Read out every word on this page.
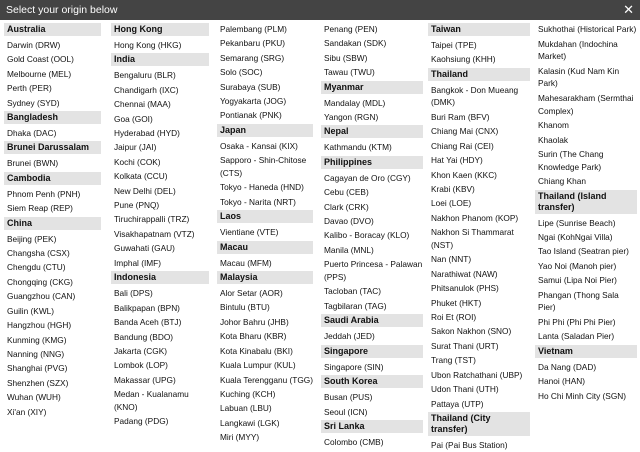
Select your origin below	✕
Australia
Darwin (DRW)
Gold Coast (OOL)
Melbourne (MEL)
Perth (PER)
Sydney (SYD)
Bangladesh
Dhaka (DAC)
Brunei Darussalam
Brunei (BWN)
Cambodia
Phnom Penh (PNH)
Siem Reap (REP)
China
Beijing (PEK)
Changsha (CSX)
Chengdu (CTU)
Chongqing (CKG)
Guangzhou (CAN)
Guilin (KWL)
Hangzhou (HGH)
Kunming (KMG)
Nanning (NNG)
Shanghai (PVG)
Shenzhen (SZX)
Wuhan (WUH)
Xi'an (XIY)
Hong Kong
Hong Kong (HKG)
India
Bengaluru (BLR)
Chandigarh (IXC)
Chennai (MAA)
Goa (GOI)
Hyderabad (HYD)
Jaipur (JAI)
Kochi (COK)
Kolkata (CCU)
New Delhi (DEL)
Pune (PNQ)
Tiruchirappalli (TRZ)
Visakhapatnam (VTZ)
Guwahati (GAU)
Imphal (IMF)
Indonesia
Bali (DPS)
Balikpapan (BPN)
Banda Aceh (BTJ)
Bandung (BDO)
Jakarta (CGK)
Lombok (LOP)
Makassar (UPG)
Medan - Kualanamu (KNO)
Padang (PDG)
Palembang (PLM)
Pekanbaru (PKU)
Semarang (SRG)
Solo (SOC)
Surabaya (SUB)
Yogyakarta (JOG)
Pontianak (PNK)
Japan
Osaka - Kansai (KIX)
Sapporo - Shin-Chitose (CTS)
Tokyo - Haneda (HND)
Tokyo - Narita (NRT)
Laos
Vientiane (VTE)
Macau
Macau (MFM)
Malaysia
Alor Setar (AOR)
Bintulu (BTU)
Johor Bahru (JHB)
Kota Bharu (KBR)
Kota Kinabalu (BKI)
Kuala Lumpur (KUL)
Kuala Terengganu (TGG)
Kuching (KCH)
Labuan (LBU)
Langkawi (LGK)
Miri (MYY)
Penang (PEN)
Sandakan (SDK)
Sibu (SBW)
Tawau (TWU)
Myanmar
Mandalay (MDL)
Yangon (RGN)
Nepal
Kathmandu (KTM)
Philippines
Cagayan de Oro (CGY)
Cebu (CEB)
Clark (CRK)
Davao (DVO)
Kalibo - Boracay (KLO)
Manila (MNL)
Puerto Princesa - Palawan (PPS)
Tacloban (TAC)
Tagbilaran (TAG)
Saudi Arabia
Jeddah (JED)
Singapore
Singapore (SIN)
South Korea
Busan (PUS)
Seoul (ICN)
Sri Lanka
Colombo (CMB)
Taiwan
Taipei (TPE)
Kaohsiung (KHH)
Thailand
Bangkok - Don Mueang (DMK)
Buri Ram (BFV)
Chiang Mai (CNX)
Chiang Rai (CEI)
Hat Yai (HDY)
Khon Kaen (KKC)
Krabi (KBV)
Loei (LOE)
Nakhon Phanom (KOP)
Nakhon Si Thammarat (NST)
Nan (NNT)
Narathiwat (NAW)
Phitsanulok (PHS)
Phuket (HKT)
Roi Et (ROI)
Sakon Nakhon (SNO)
Surat Thani (URT)
Trang (TST)
Ubon Ratchathani (UBP)
Udon Thani (UTH)
Pattaya (UTP)
Thailand (City transfer)
Pai (Pai Bus Station)
Sukhothai (Historical Park)
Mukdahan (Indochina Market)
Kalasin (Kud Nam Kin Park)
Mahesarakham (Sermthai Complex)
Khanom
Khaolak
Surin (The Chang Knowledge Park)
Chiang Khan
Thailand (Island transfer)
Lipe (Sunrise Beach)
Ngai (KohNgai Villa)
Tao Island (Seatran pier)
Yao Noi (Manoh pier)
Samui (Lipa Noi Pier)
Phangan (Thong Sala Pier)
Phi Phi (Phi Phi Pier)
Lanta (Saladan Pier)
Vietnam
Da Nang (DAD)
Hanoi (HAN)
Ho Chi Minh City (SGN)
